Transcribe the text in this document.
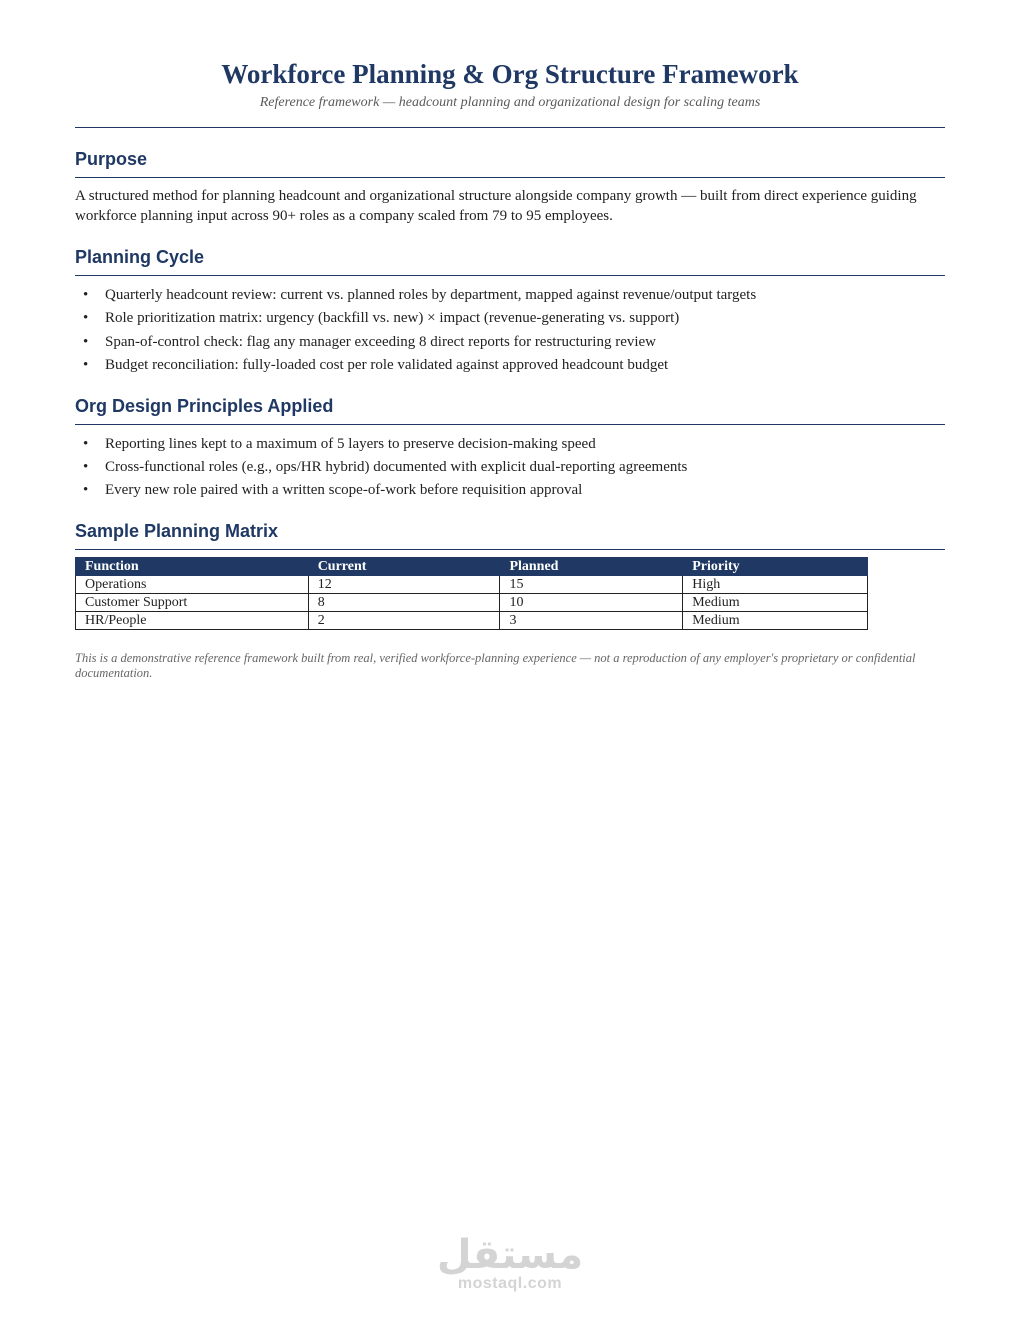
Workforce Planning & Org Structure Framework
Reference framework — headcount planning and organizational design for scaling teams
Purpose

A structured method for planning headcount and organizational structure alongside company growth — built from direct experience guiding workforce planning input across 90+ roles as a company scaled from 79 to 95 employees.

Planning Cycle
• Quarterly headcount review: current vs. planned roles by department, mapped against revenue/output targets
• Role prioritization matrix: urgency (backfill vs. new) × impact (revenue-generating vs. support)
• Span-of-control check: flag any manager exceeding 8 direct reports for restructuring review
• Budget reconciliation: fully-loaded cost per role validated against approved headcount budget
Org Design Principles Applied
• Reporting lines kept to a maximum of 5 layers to preserve decision-making speed
• Cross-functional roles (e.g., ops/HR hybrid) documented with explicit dual-reporting agreements
• Every new role paired with a written scope-of-work before requisition approval
Sample Planning Matrix
Function	Current	Planned	Priority
Operations	12	15	High
Customer Support	8	10	Medium
HR/People	2	3	Medium
This is a demonstrative reference framework built from real, verified workforce-planning experience — not a reproduction of any employer's proprietary or confidential documentation.
مستقل
mostaql.com
